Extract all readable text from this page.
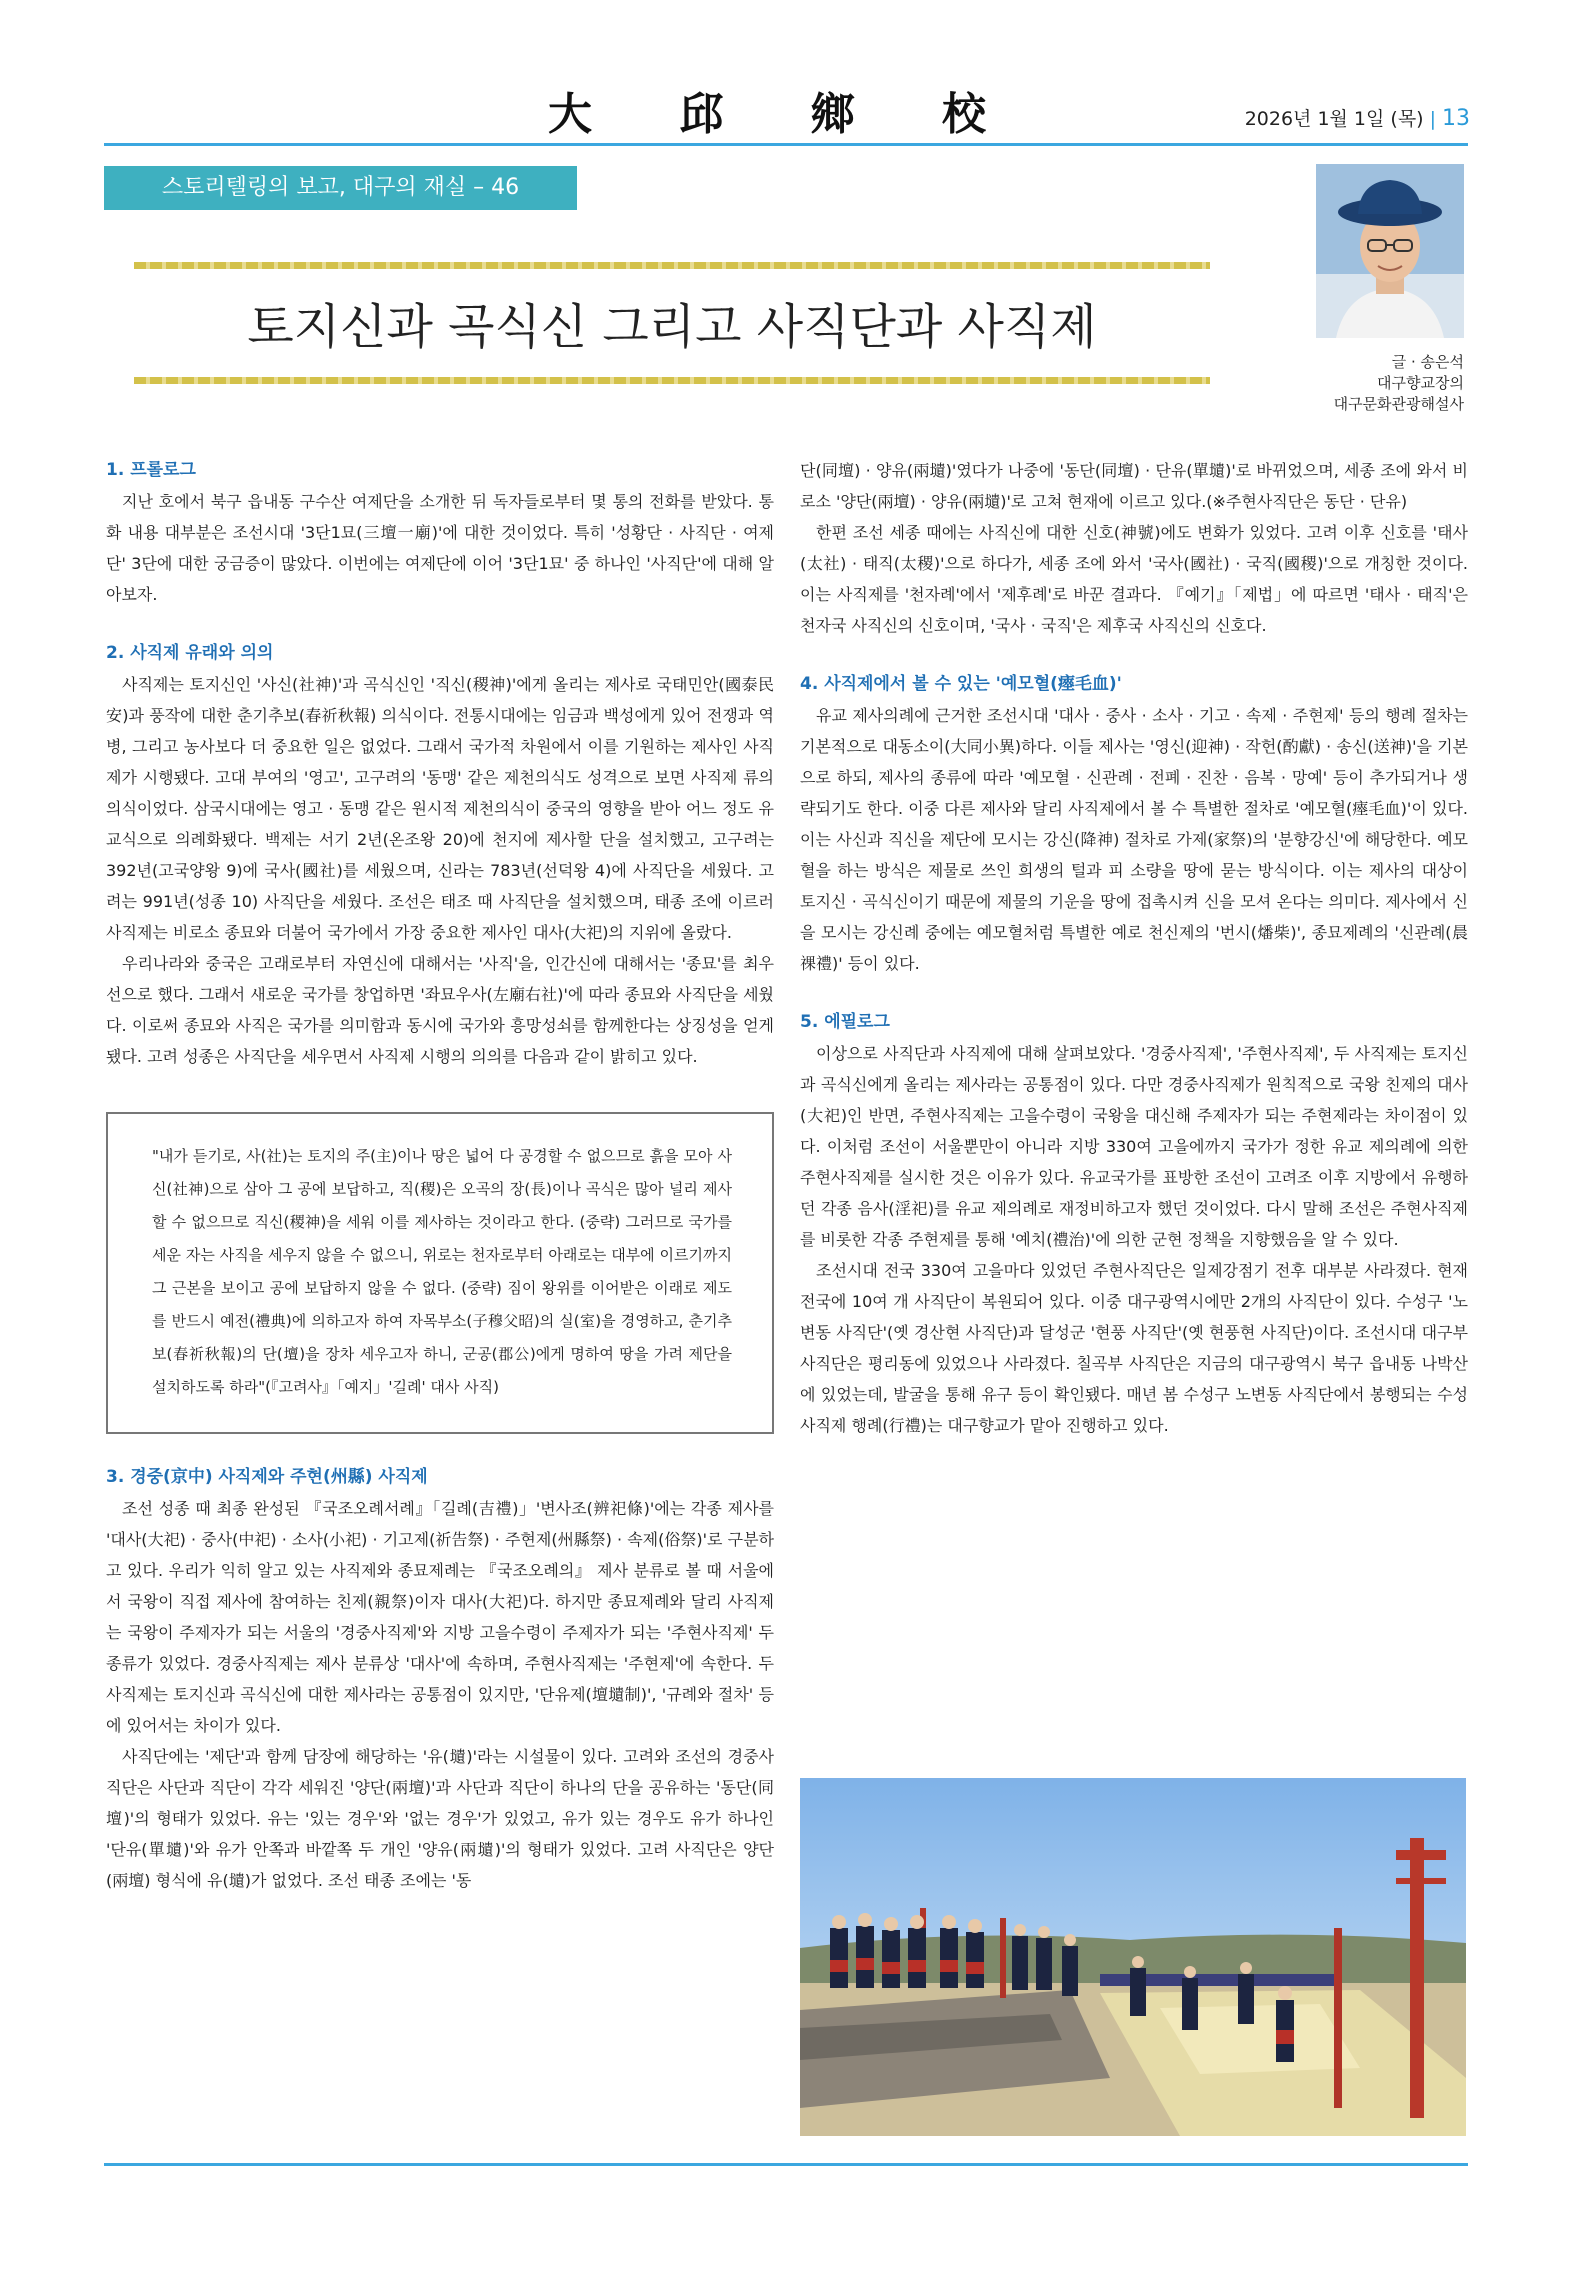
大 邱 鄉 校	2026년 1월 1일 (목) | 13
스토리텔링의 보고, 대구의 재실 – 46
토지신과 곡식신 그리고 사직단과 사직제
글 · 송은석
대구향교장의
대구문화관광해설사
1. 프롤로그

지난 호에서 북구 읍내동 구수산 여제단을 소개한 뒤 독자들로부터 몇 통의 전화를 받았다. 통화 내용 대부분은 조선시대 '3단1묘(三壇一廟)'에 대한 것이었다. 특히 '성황단 · 사직단 · 여제단' 3단에 대한 궁금증이 많았다. 이번에는 여제단에 이어 '3단1묘' 중 하나인 '사직단'에 대해 알아보자.

2. 사직제 유래와 의의

사직제는 토지신인 '사신(社神)'과 곡식신인 '직신(稷神)'에게 올리는 제사로 국태민안(國泰民安)과 풍작에 대한 춘기추보(春祈秋報) 의식이다. 전통시대에는 임금과 백성에게 있어 전쟁과 역병, 그리고 농사보다 더 중요한 일은 없었다. 그래서 국가적 차원에서 이를 기원하는 제사인 사직제가 시행됐다. 고대 부여의 '영고', 고구려의 '동맹' 같은 제천의식도 성격으로 보면 사직제 류의 의식이었다. 삼국시대에는 영고 · 동맹 같은 원시적 제천의식이 중국의 영향을 받아 어느 정도 유교식으로 의례화됐다. 백제는 서기 2년(온조왕 20)에 천지에 제사할 단을 설치했고, 고구려는 392년(고국양왕 9)에 국사(國社)를 세웠으며, 신라는 783년(선덕왕 4)에 사직단을 세웠다. 고려는 991년(성종 10) 사직단을 세웠다. 조선은 태조 때 사직단을 설치했으며, 태종 조에 이르러 사직제는 비로소 종묘와 더불어 국가에서 가장 중요한 제사인 대사(大祀)의 지위에 올랐다.

우리나라와 중국은 고래로부터 자연신에 대해서는 '사직'을, 인간신에 대해서는 '종묘'를 최우선으로 했다. 그래서 새로운 국가를 창업하면 '좌묘우사(左廟右社)'에 따라 종묘와 사직단을 세웠다. 이로써 종묘와 사직은 국가를 의미함과 동시에 국가와 흥망성쇠를 함께한다는 상징성을 얻게 됐다. 고려 성종은 사직단을 세우면서 사직제 시행의 의의를 다음과 같이 밝히고 있다.

"내가 듣기로, 사(社)는 토지의 주(主)이나 땅은 넓어 다 공경할 수 없으므로 흙을 모아 사신(社神)으로 삼아 그 공에 보답하고, 직(稷)은 오곡의 장(長)이나 곡식은 많아 널리 제사할 수 없으므로 직신(稷神)을 세워 이를 제사하는 것이라고 한다. (중략) 그러므로 국가를 세운 자는 사직을 세우지 않을 수 없으니, 위로는 천자로부터 아래로는 대부에 이르기까지 그 근본을 보이고 공에 보답하지 않을 수 없다. (중략) 짐이 왕위를 이어받은 이래로 제도를 반드시 예전(禮典)에 의하고자 하여 자목부소(子穆父昭)의 실(室)을 경영하고, 춘기추보(春祈秋報)의 단(壇)을 장차 세우고자 하니, 군공(郡公)에게 명하여 땅을 가려 제단을 설치하도록 하라"(『고려사』「예지」'길례' 대사 사직)

3. 경중(京中) 사직제와 주현(州縣) 사직제

조선 성종 때 최종 완성된 『국조오례서례』「길례(吉禮)」'변사조(辨祀條)'에는 각종 제사를 '대사(大祀) · 중사(中祀) · 소사(小祀) · 기고제(祈告祭) · 주현제(州縣祭) · 속제(俗祭)'로 구분하고 있다. 우리가 익히 알고 있는 사직제와 종묘제례는 『국조오례의』 제사 분류로 볼 때 서울에서 국왕이 직접 제사에 참여하는 친제(親祭)이자 대사(大祀)다. 하지만 종묘제례와 달리 사직제는 국왕이 주제자가 되는 서울의 '경중사직제'와 지방 고을수령이 주제자가 되는 '주현사직제' 두 종류가 있었다. 경중사직제는 제사 분류상 '대사'에 속하며, 주현사직제는 '주현제'에 속한다. 두 사직제는 토지신과 곡식신에 대한 제사라는 공통점이 있지만, '단유제(壇壝制)', '규례와 절차' 등에 있어서는 차이가 있다.

사직단에는 '제단'과 함께 담장에 해당하는 '유(壝)'라는 시설물이 있다. 고려와 조선의 경중사직단은 사단과 직단이 각각 세워진 '양단(兩壇)'과 사단과 직단이 하나의 단을 공유하는 '동단(同壇)'의 형태가 있었다. 유는 '있는 경우'와 '없는 경우'가 있었고, 유가 있는 경우도 유가 하나인 '단유(單壝)'와 유가 안쪽과 바깥쪽 두 개인 '양유(兩壝)'의 형태가 있었다. 고려 사직단은 양단(兩壇) 형식에 유(壝)가 없었다. 조선 태종 조에는 '동

단(同壇) · 양유(兩壝)'였다가 나중에 '동단(同壇) · 단유(單壝)'로 바뀌었으며, 세종 조에 와서 비로소 '양단(兩壇) · 양유(兩壝)'로 고쳐 현재에 이르고 있다.(※주현사직단은 동단 · 단유)

한편 조선 세종 때에는 사직신에 대한 신호(神號)에도 변화가 있었다. 고려 이후 신호를 '태사(太社) · 태직(太稷)'으로 하다가, 세종 조에 와서 '국사(國社) · 국직(國稷)'으로 개칭한 것이다. 이는 사직제를 '천자례'에서 '제후례'로 바꾼 결과다. 『예기』「제법」에 따르면 '태사 · 태직'은 천자국 사직신의 신호이며, '국사 · 국직'은 제후국 사직신의 신호다.

4. 사직제에서 볼 수 있는 '예모혈(瘞毛血)'

유교 제사의례에 근거한 조선시대 '대사 · 중사 · 소사 · 기고 · 속제 · 주현제' 등의 행례 절차는 기본적으로 대동소이(大同小異)하다. 이들 제사는 '영신(迎神) · 작헌(酌獻) · 송신(送神)'을 기본으로 하되, 제사의 종류에 따라 '예모혈 · 신관례 · 전폐 · 진찬 · 음복 · 망예' 등이 추가되거나 생략되기도 한다. 이중 다른 제사와 달리 사직제에서 볼 수 특별한 절차로 '예모혈(瘞毛血)'이 있다. 이는 사신과 직신을 제단에 모시는 강신(降神) 절차로 가제(家祭)의 '분향강신'에 해당한다. 예모혈을 하는 방식은 제물로 쓰인 희생의 털과 피 소량을 땅에 묻는 방식이다. 이는 제사의 대상이 토지신 · 곡식신이기 때문에 제물의 기운을 땅에 접촉시켜 신을 모셔 온다는 의미다. 제사에서 신을 모시는 강신례 중에는 예모혈처럼 특별한 예로 천신제의 '번시(燔柴)', 종묘제례의 '신관례(晨祼禮)' 등이 있다.

5. 에필로그

이상으로 사직단과 사직제에 대해 살펴보았다. '경중사직제', '주현사직제', 두 사직제는 토지신과 곡식신에게 올리는 제사라는 공통점이 있다. 다만 경중사직제가 원칙적으로 국왕 친제의 대사(大祀)인 반면, 주현사직제는 고을수령이 국왕을 대신해 주제자가 되는 주현제라는 차이점이 있다. 이처럼 조선이 서울뿐만이 아니라 지방 330여 고을에까지 국가가 정한 유교 제의례에 의한 주현사직제를 실시한 것은 이유가 있다. 유교국가를 표방한 조선이 고려조 이후 지방에서 유행하던 각종 음사(淫祀)를 유교 제의례로 재정비하고자 했던 것이었다. 다시 말해 조선은 주현사직제를 비롯한 각종 주현제를 통해 '예치(禮治)'에 의한 군현 정책을 지향했음을 알 수 있다.

조선시대 전국 330여 고을마다 있었던 주현사직단은 일제강점기 전후 대부분 사라졌다. 현재 전국에 10여 개 사직단이 복원되어 있다. 이중 대구광역시에만 2개의 사직단이 있다. 수성구 '노변동 사직단'(옛 경산현 사직단)과 달성군 '현풍 사직단'(옛 현풍현 사직단)이다. 조선시대 대구부 사직단은 평리동에 있었으나 사라졌다. 칠곡부 사직단은 지금의 대구광역시 북구 읍내동 나박산에 있었는데, 발굴을 통해 유구 등이 확인됐다. 매년 봄 수성구 노변동 사직단에서 봉행되는 수성사직제 행례(行禮)는 대구향교가 맡아 진행하고 있다.
